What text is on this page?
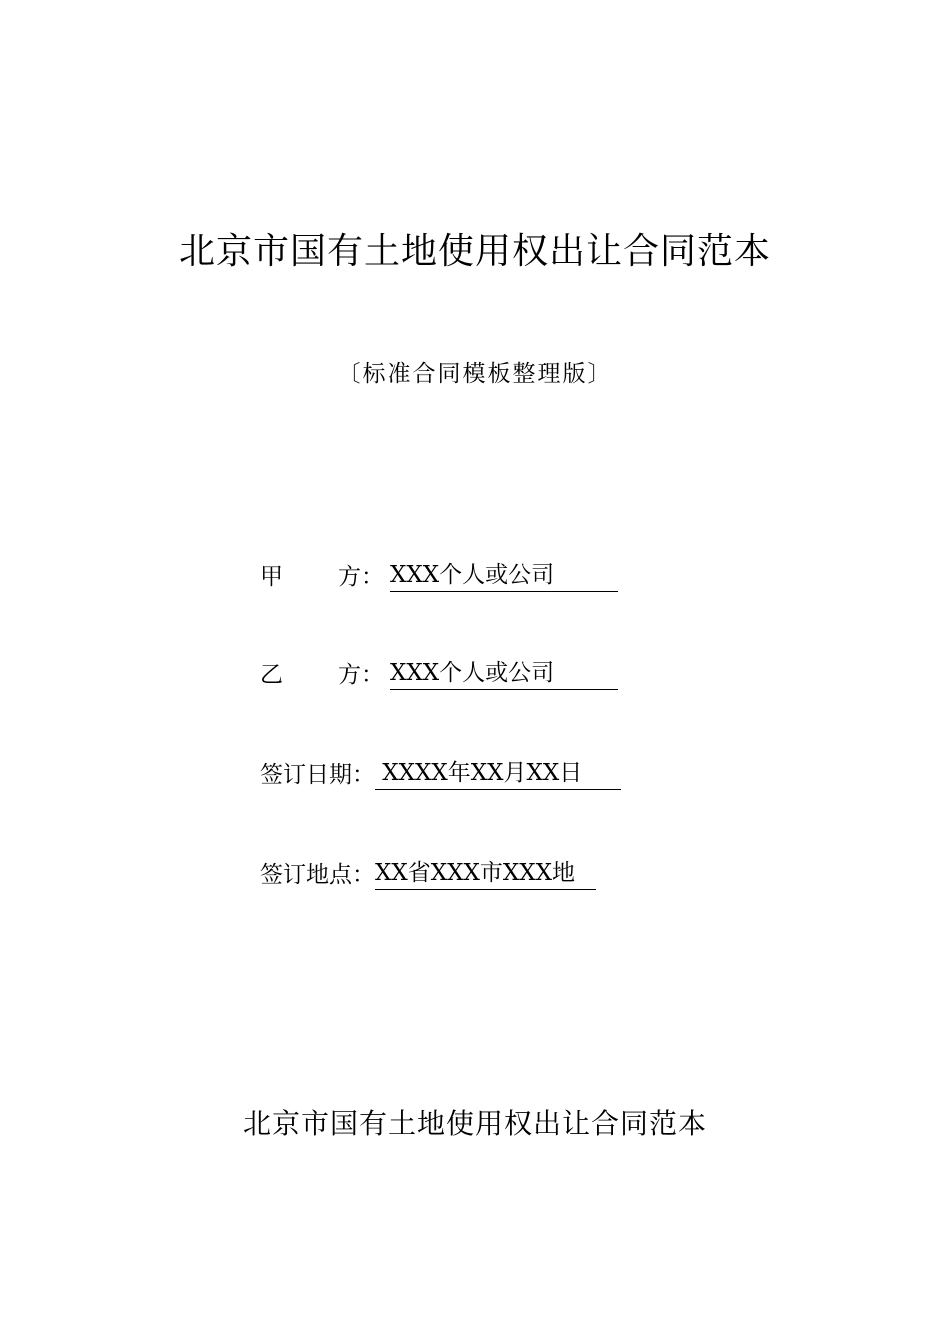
北京市国有土地使用权出让合同范本
〔标准合同模板整理版〕
甲 方： XXX个人或公司
乙 方： XXX个人或公司
签订日期： XXXX年XX月XX日
签订地点：XX省XXX市XXX地
北京市国有土地使用权出让合同范本
